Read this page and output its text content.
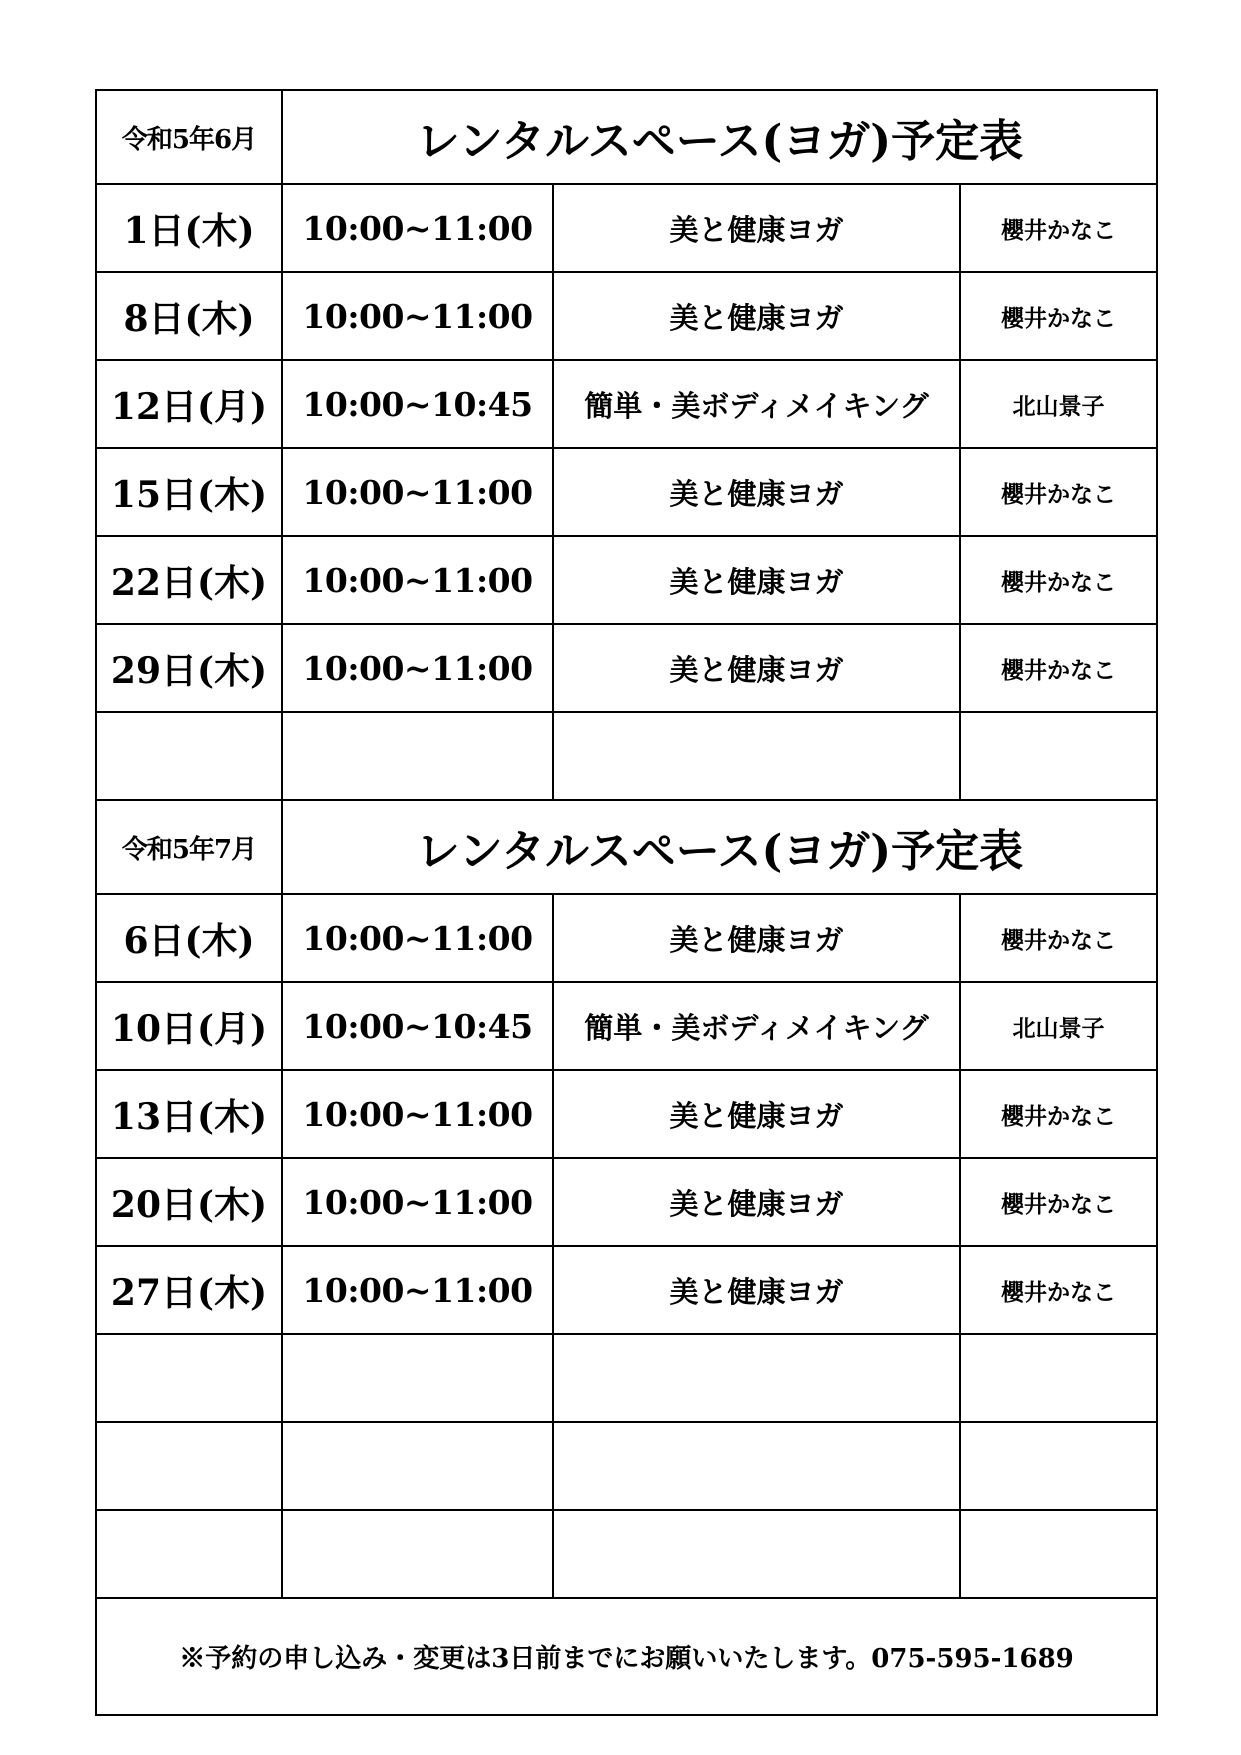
令和5年6月	レンタルスペース(ヨガ)予定表		
1日(木)	10:00~11:00	美と健康ヨガ	櫻井かなこ
8日(木)	10:00~11:00	美と健康ヨガ	櫻井かなこ
12日(月)	10:00~10:45	簡単・美ボディメイキング	北山景子
15日(木)	10:00~11:00	美と健康ヨガ	櫻井かなこ
22日(木)	10:00~11:00	美と健康ヨガ	櫻井かなこ
29日(木)	10:00~11:00	美と健康ヨガ	櫻井かなこ

令和5年7月	レンタルスペース(ヨガ)予定表		
6日(木)	10:00~11:00	美と健康ヨガ	櫻井かなこ
10日(月)	10:00~10:45	簡単・美ボディメイキング	北山景子
13日(木)	10:00~11:00	美と健康ヨガ	櫻井かなこ
20日(木)	10:00~11:00	美と健康ヨガ	櫻井かなこ
27日(木)	10:00~11:00	美と健康ヨガ	櫻井かなこ

※予約の申し込み・変更は3日前までにお願いいたします。075-595-1689			
